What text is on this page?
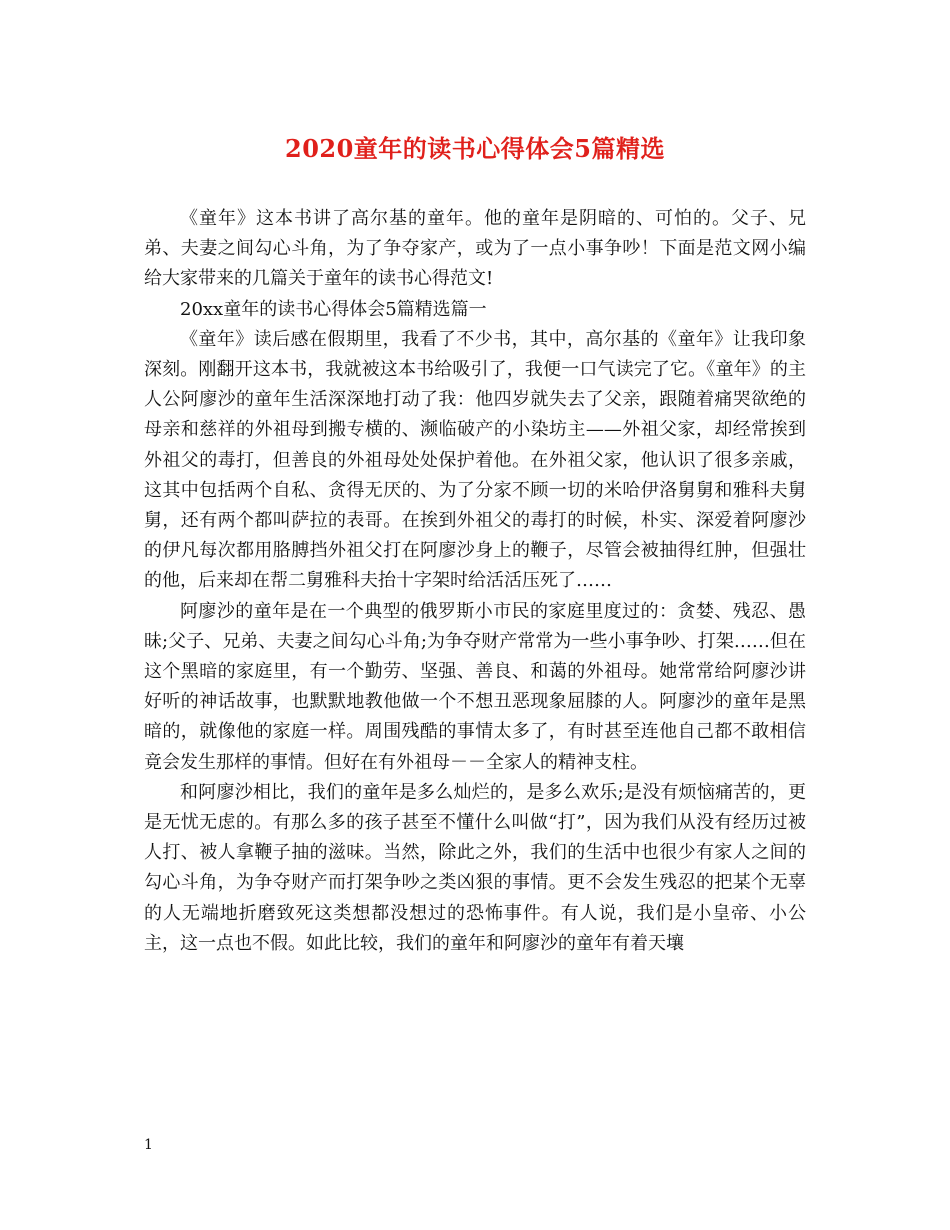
2020童年的读书心得体会5篇精选

《童年》这本书讲了高尔基的童年。他的童年是阴暗的、可怕的。父子、兄弟、夫妻之间勾心斗角，为了争夺家产，或为了一点小事争吵！下面是范文网小编给大家带来的几篇关于童年的读书心得范文!

20xx童年的读书心得体会5篇精选篇一

《童年》读后感在假期里，我看了不少书，其中，高尔基的《童年》让我印象深刻。刚翻开这本书，我就被这本书给吸引了，我便一口气读完了它。《童年》的主人公阿廖沙的童年生活深深地打动了我：他四岁就失去了父亲，跟随着痛哭欲绝的母亲和慈祥的外祖母到搬专横的、濒临破产的小染坊主——外祖父家，却经常挨到外祖父的毒打，但善良的外祖母处处保护着他。在外祖父家，他认识了很多亲戚，这其中包括两个自私、贪得无厌的、为了分家不顾一切的米哈伊洛舅舅和雅科夫舅舅，还有两个都叫萨拉的表哥。在挨到外祖父的毒打的时候，朴实、深爱着阿廖沙的伊凡每次都用胳膊挡外祖父打在阿廖沙身上的鞭子，尽管会被抽得红肿，但强壮的他，后来却在帮二舅雅科夫抬十字架时给活活压死了……

阿廖沙的童年是在一个典型的俄罗斯小市民的家庭里度过的：贪婪、残忍、愚昧;父子、兄弟、夫妻之间勾心斗角;为争夺财产常常为一些小事争吵、打架……但在这个黑暗的家庭里，有一个勤劳、坚强、善良、和蔼的外祖母。她常常给阿廖沙讲好听的神话故事，也默默地教他做一个不想丑恶现象屈膝的人。阿廖沙的童年是黑暗的，就像他的家庭一样。周围残酷的事情太多了，有时甚至连他自己都不敢相信竟会发生那样的事情。但好在有外祖母－－全家人的精神支柱。

和阿廖沙相比，我们的童年是多么灿烂的，是多么欢乐;是没有烦恼痛苦的，更是无忧无虑的。有那么多的孩子甚至不懂什么叫做“打”，因为我们从没有经历过被人打、被人拿鞭子抽的滋味。当然，除此之外，我们的生活中也很少有家人之间的勾心斗角，为争夺财产而打架争吵之类凶狠的事情。更不会发生残忍的把某个无辜的人无端地折磨致死这类想都没想过的恐怖事件。有人说，我们是小皇帝、小公主，这一点也不假。如此比较，我们的童年和阿廖沙的童年有着天壤

1
